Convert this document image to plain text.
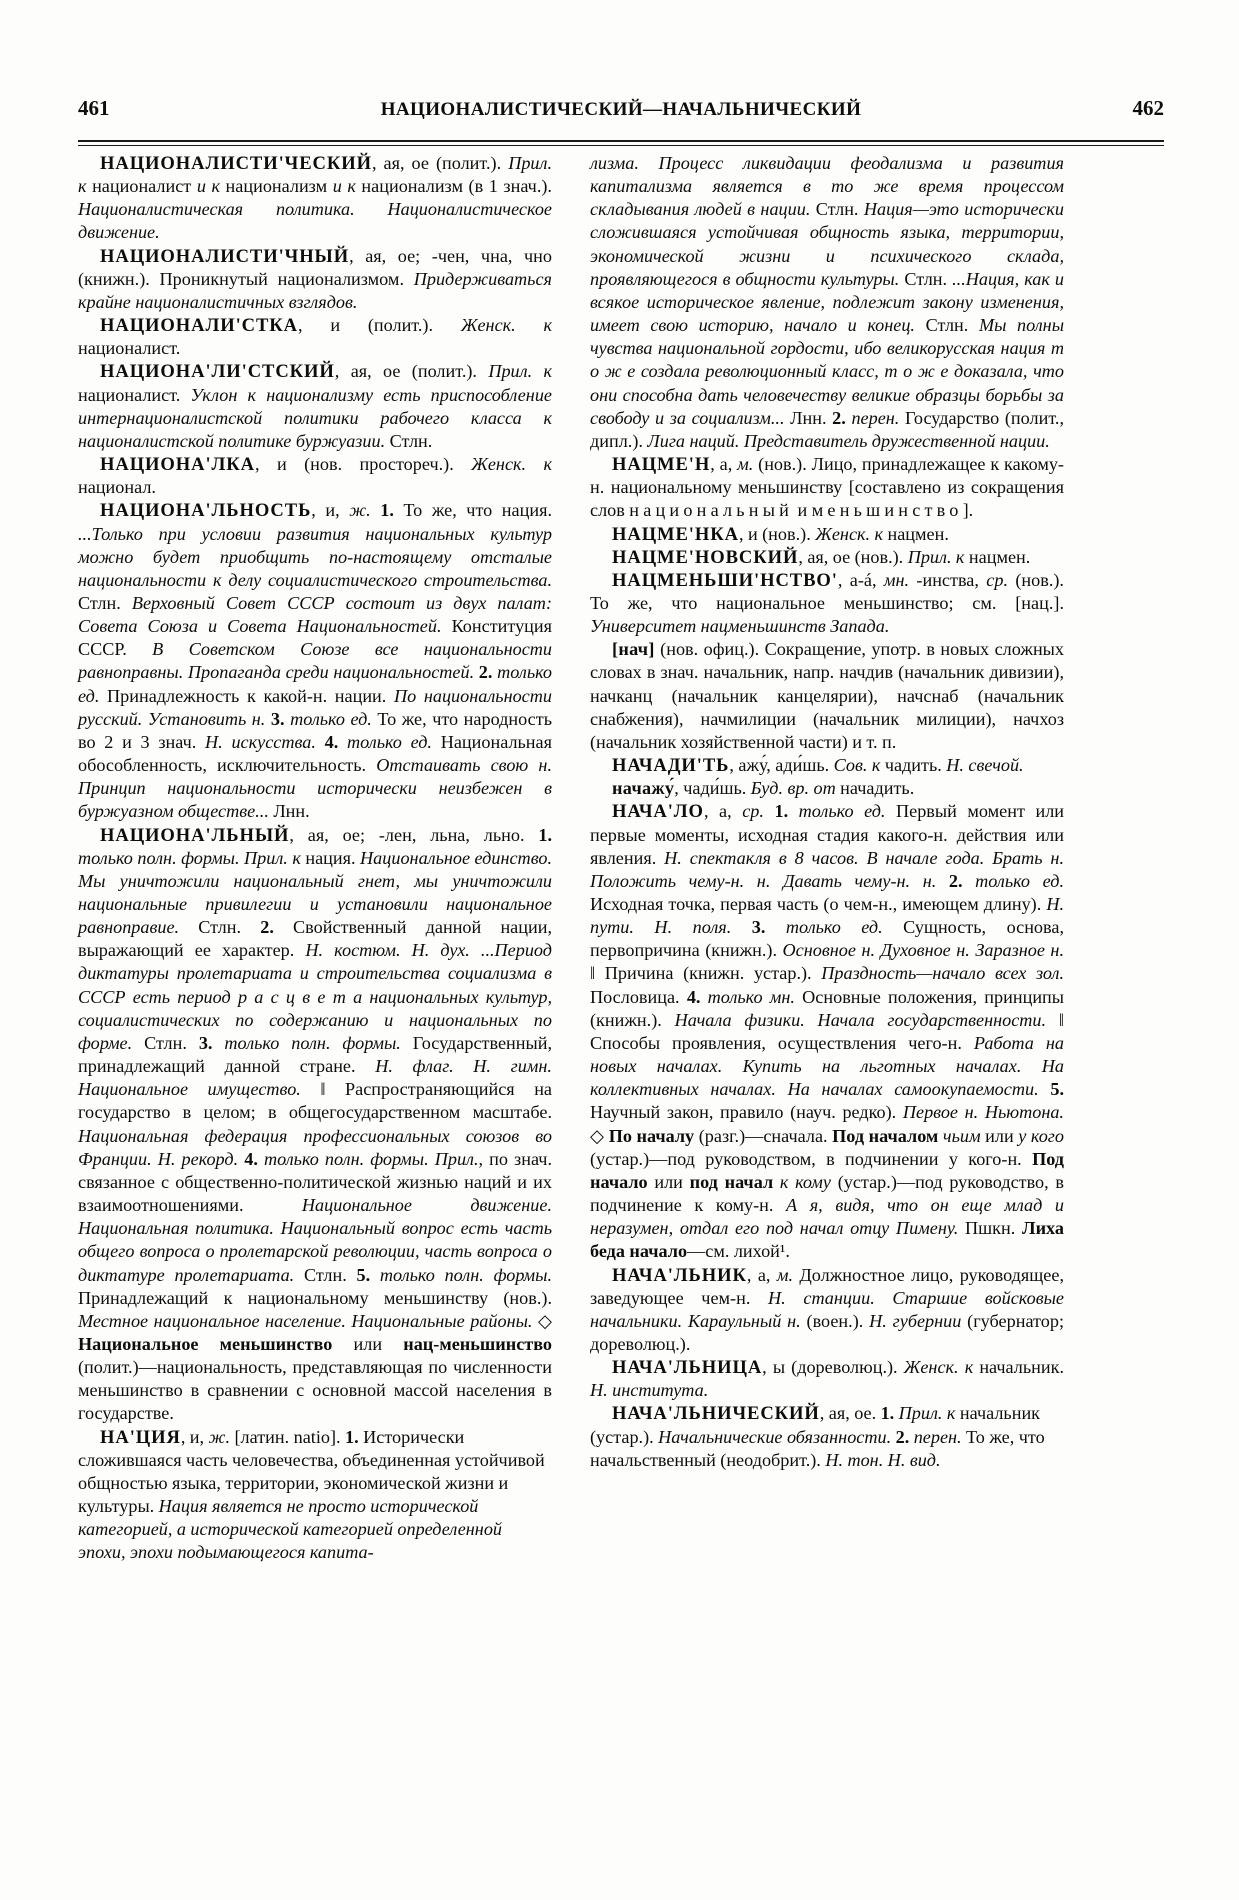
461	НАЦИОНАЛИСТИЧЕСКИЙ—НАЧАЛЬНИЧЕСКИЙ	462

НАЦИОНАЛИСТИ'ЧЕСКИЙ, ая, ое (полит.). Прил. к националист и к национализм и к национализм (в 1 знач.). Националистическая политика. Националистическое движение.

НАЦИОНАЛИСТИ'ЧНЫЙ, ая, ое; -чен, чна, чно (книжн.). Проникнутый национализмом. Придерживаться крайне националистичных взглядов.

НАЦИОНАЛИ'СТКА, и (полит.). Женск. к националист.

НАЦИОНА'ЛИ'СТСКИЙ, ая, ое (полит.). Прил. к националист. Уклон к национализму есть приспособление интернационалистской политики рабочего класса к националистской политике буржуазии. Стлн.

НАЦИОНА'ЛКА, и (нов. простореч.). Женск. к национал.

НАЦИОНА'ЛЬНОСТЬ, и, ж. 1. То же, что нация. ...Только при условии развития национальных культур можно будет приобщить по-настоящему отсталые национальности к делу социалистического строительства. Стлн. Верховный Совет СССР состоит из двух палат: Совета Союза и Совета Национальностей. Конституция СССР. В Советском Союзе все национальности равноправны. Пропаганда среди национальностей. 2. только ед. Принадлежность к какой-н. нации. По национальности русский. Установить н. 3. только ед. То же, что народность во 2 и 3 знач. Н. искусства. 4. только ед. Национальная обособленность, исключительность. Отстаивать свою н. Принцип национальности исторически неизбежен в буржуазном обществе... Лнн.

НАЦИОНА'ЛЬНЫЙ, ая, ое; -лен, льна, льно. 1. только полн. формы. Прил. к нация. Национальное единство. Мы уничтожили национальный гнет, мы уничтожили национальные привилегии и установили национальное равноправие. Стлн. 2. Свойственный данной нации, выражающий ее характер. Н. костюм. Н. дух. ...Период диктатуры пролетариата и строительства социализма в СССР есть период р а с ц в е т а национальных культур, социалистических по содержанию и национальных по форме. Стлн. 3. только полн. формы. Государственный, принадлежащий данной стране. Н. флаг. Н. гимн. Национальное имущество. ‖ Распространяющийся на государство в целом; в общегосударственном масштабе. Национальная федерация профессиональных союзов во Франции. Н. рекорд. 4. только полн. формы. Прил., по знач. связанное с общественно-политической жизнью наций и их взаимоотношениями. Национальное движение. Национальная политика. Национальный вопрос есть часть общего вопроса о пролетарской революции, часть вопроса о диктатуре пролетариата. Стлн. 5. только полн. формы. Принадлежащий к национальному меньшинству (нов.). Местное национальное население. Национальные районы. ◇ Национальное меньшинство или нац-меньшинство (полит.)—национальность, представляющая по численности меньшинство в сравнении с основной массой населения в государстве.

НА'ЦИЯ, и, ж. [латин. natio]. 1. Исторически сложившаяся часть человечества, объединенная устойчивой общностью языка, территории, экономической жизни и культуры. Нация является не просто исторической категорией, а исторической категорией определенной эпохи, эпохи подымающегося капита-

лизма. Процесс ликвидации феодализма и развития капитализма является в то же время процессом складывания людей в нации. Стлн. Нация—это исторически сложившаяся устойчивая общность языка, территории, экономической жизни и психического склада, проявляющегося в общности культуры. Стлн. ...Нация, как и всякое историческое явление, подлежит закону изменения, имеет свою историю, начало и конец. Стлн. Мы полны чувства национальной гордости, ибо великорусская нация т о ж е создала революционный класс, т о ж е доказала, что они способна дать человечеству великие образцы борьбы за свободу и за социализм... Лнн. 2. перен. Государство (полит., дипл.). Лига наций. Представитель дружественной нации.

НАЦМЕ'Н, а, м. (нов.). Лицо, принадлежащее к какому-н. национальному меньшинству [составлено из сокращения слов национальный и меньшинство].

НАЦМЕ'НКА, и (нов.). Женск. к нацмен.

НАЦМЕ'НОВСКИЙ, ая, ое (нов.). Прил. к нацмен.

НАЦМЕНЬШИ'НСТВО', а-á, мн. -инства, ср. (нов.). То же, что национальное меньшинство; см. [нац.]. Университет нацменьшинств Запада.

[нач] (нов. офиц.). Сокращение, употр. в новых сложных словах в знач. начальник, напр. начдив (начальник дивизии), начканц (начальник канцелярии), начснаб (начальник снабжения), начмилиции (начальник милиции), начхоз (начальник хозяйственной части) и т. п.

НАЧАДИ'ТЬ, ажу́, ади́шь. Сов. к чадить. Н. свечой.

начажу́, чади́шь. Буд. вр. от начадить.

НАЧА'ЛО, а, ср. 1. только ед. Первый момент или первые моменты, исходная стадия какого-н. действия или явления. Н. спектакля в 8 часов. В начале года. Брать н. Положить чему-н. н. Давать чему-н. н. 2. только ед. Исходная точка, первая часть (о чем-н., имеющем длину). Н. пути. Н. поля. 3. только ед. Сущность, основа, первопричина (книжн.). Основное н. Духовное н. Заразное н. ‖ Причина (книжн. устар.). Праздность—начало всех зол. Пословица. 4. только мн. Основные положения, принципы (книжн.). Начала физики. Начала государственности. ‖ Способы проявления, осуществления чего-н. Работа на новых началах. Купить на льготных началах. На коллективных началах. На началах самоокупаемости. 5. Научный закон, правило (науч. редко). Первое н. Ньютона. ◇ По началу (разг.)—сначала. Под началом чьим или у кого (устар.)—под руководством, в подчинении у кого-н. Под начало или под начал к кому (устар.)—под руководство, в подчинение к кому-н. А я, видя, что он еще млад и неразумен, отдал его под начал отцу Пимену. Пшкн. Лиха беда начало—см. лихой¹.

НАЧА'ЛЬНИК, а, м. Должностное лицо, руководящее, заведующее чем-н. Н. станции. Старшие войсковые начальники. Караульный н. (воен.). Н. губернии (губернатор; дореволюц.).

НАЧА'ЛЬНИЦА, ы (дореволюц.). Женск. к начальник. Н. института.

НАЧА'ЛЬНИЧЕСКИЙ, ая, ое. 1. Прил. к начальник (устар.). Начальнические обязанности. 2. перен. То же, что начальственный (неодобрит.). Н. тон. Н. вид.
